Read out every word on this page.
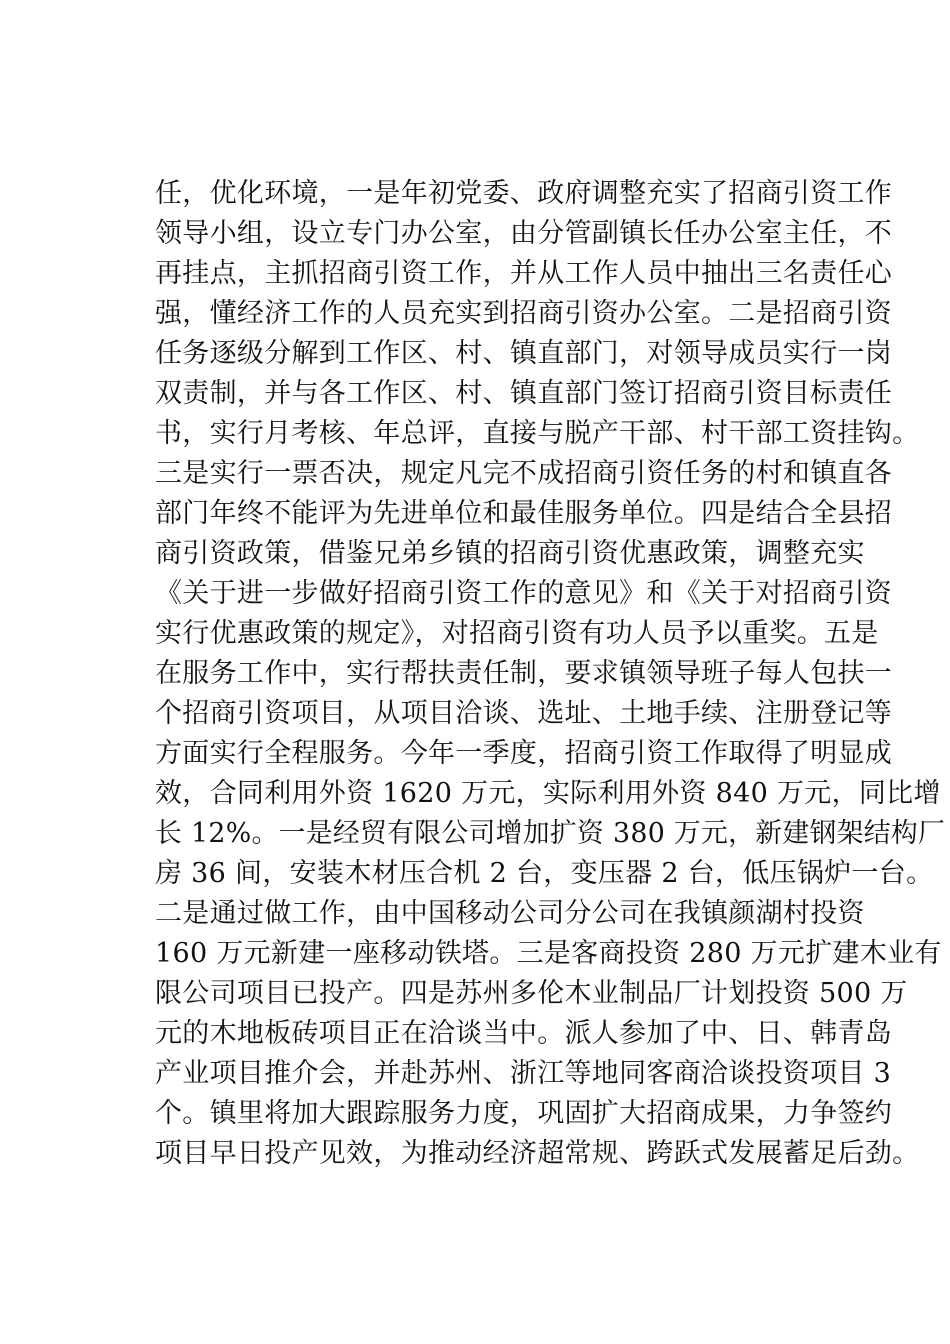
任，优化环境，一是年初党委、政府调整充实了招商引资工作
领导小组，设立专门办公室，由分管副镇长任办公室主任，不
再挂点，主抓招商引资工作，并从工作人员中抽出三名责任心
强，懂经济工作的人员充实到招商引资办公室。二是招商引资
任务逐级分解到工作区、村、镇直部门，对领导成员实行一岗
双责制，并与各工作区、村、镇直部门签订招商引资目标责任
书，实行月考核、年总评，直接与脱产干部、村干部工资挂钩。
三是实行一票否决，规定凡完不成招商引资任务的村和镇直各
部门年终不能评为先进单位和最佳服务单位。四是结合全县招
商引资政策，借鉴兄弟乡镇的招商引资优惠政策，调整充实
《关于进一步做好招商引资工作的意见》和《关于对招商引资
实行优惠政策的规定》，对招商引资有功人员予以重奖。五是
在服务工作中，实行帮扶责任制，要求镇领导班子每人包扶一
个招商引资项目，从项目洽谈、选址、土地手续、注册登记等
方面实行全程服务。今年一季度，招商引资工作取得了明显成
效，合同利用外资 1620 万元，实际利用外资 840 万元，同比增
长 12%。一是经贸有限公司增加扩资 380 万元，新建钢架结构厂
房 36 间，安装木材压合机 2 台，变压器 2 台，低压锅炉一台。
二是通过做工作，由中国移动公司分公司在我镇颜湖村投资
160 万元新建一座移动铁塔。三是客商投资 280 万元扩建木业有
限公司项目已投产。四是苏州多伦木业制品厂计划投资 500 万
元的木地板砖项目正在洽谈当中。派人参加了中、日、韩青岛
产业项目推介会，并赴苏州、浙江等地同客商洽谈投资项目 3
个。镇里将加大跟踪服务力度，巩固扩大招商成果，力争签约
项目早日投产见效，为推动经济超常规、跨跃式发展蓄足后劲。
